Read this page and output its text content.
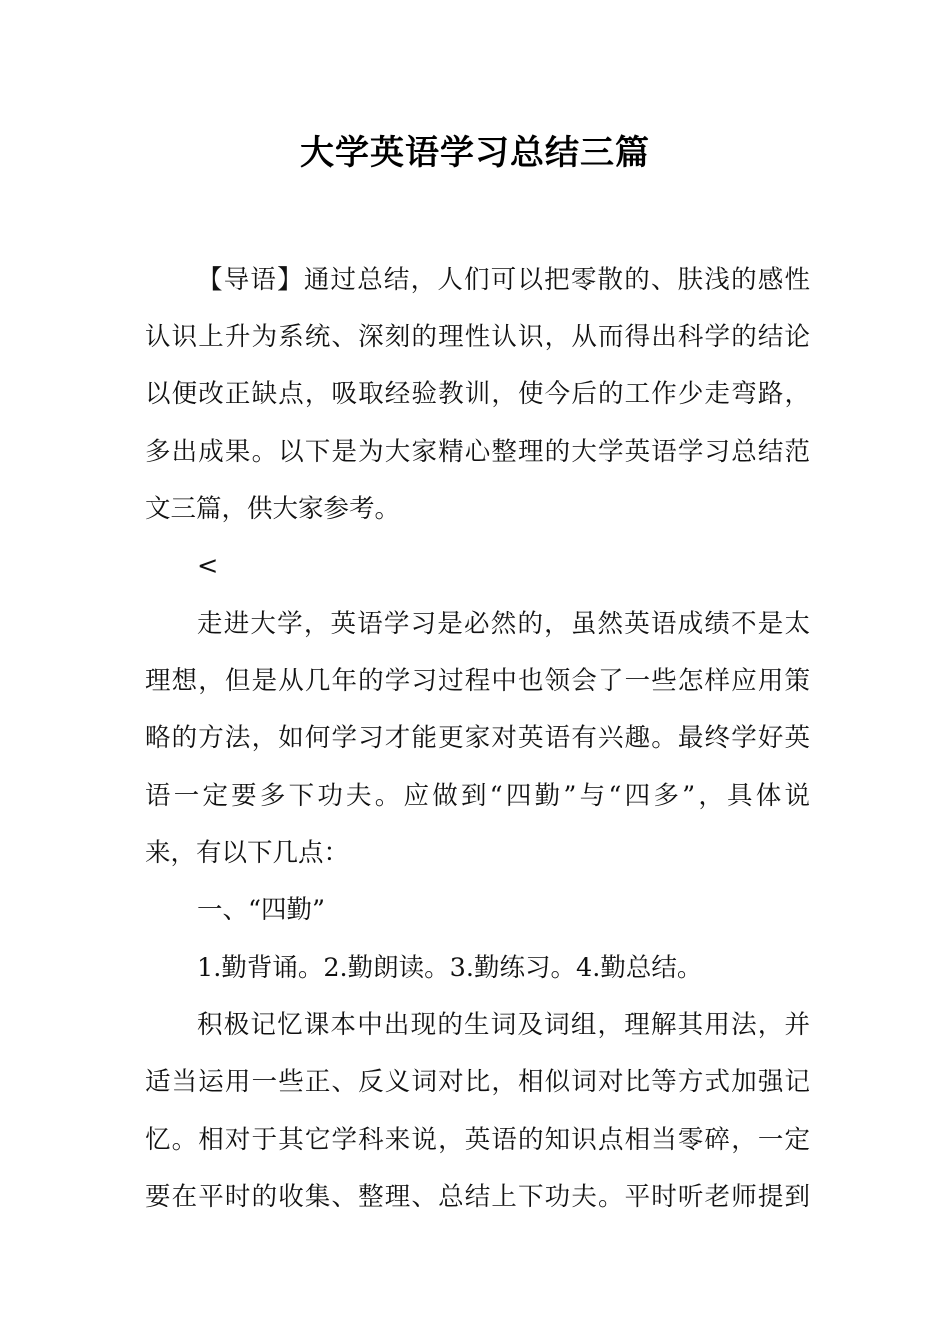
大学英语学习总结三篇
【导语】通过总结，人们可以把零散的、肤浅的感性
认识上升为系统、深刻的理性认识，从而得出科学的结论
以便改正缺点，吸取经验教训，使今后的工作少走弯路，
多出成果。以下是为大家精心整理的大学英语学习总结范
文三篇，供大家参考。
<
走进大学，英语学习是必然的，虽然英语成绩不是太
理想，但是从几年的学习过程中也领会了一些怎样应用策
略的方法，如何学习才能更家对英语有兴趣。最终学好英
语一定要多下功夫。应做到“四勤”与“四多”，具体说
来，有以下几点：
一、“四勤”
1.勤背诵。2.勤朗读。3.勤练习。4.勤总结。
积极记忆课本中出现的生词及词组，理解其用法，并
适当运用一些正、反义词对比，相似词对比等方式加强记
忆。相对于其它学科来说，英语的知识点相当零碎，一定
要在平时的收集、整理、总结上下功夫。平时听老师提到
